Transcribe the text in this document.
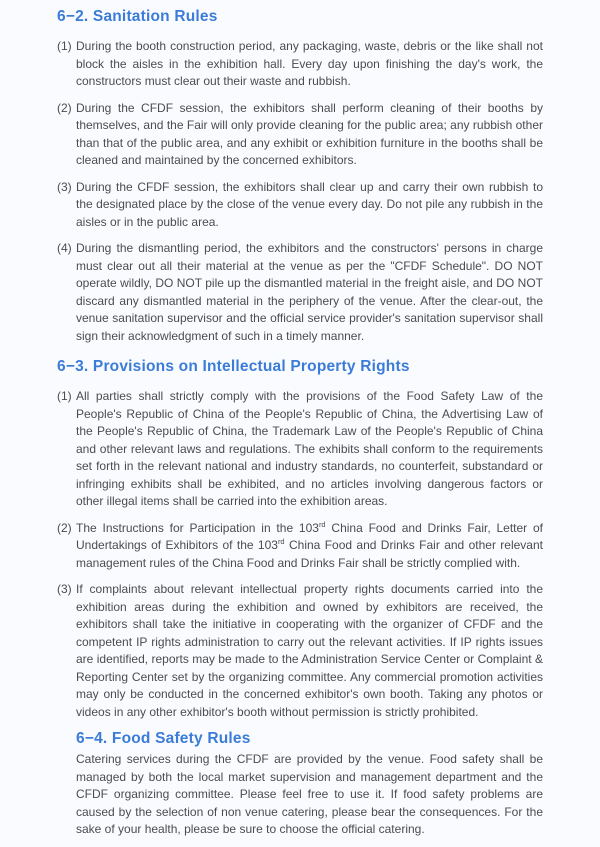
6−2. Sanitation Rules
(1) During the booth construction period, any packaging, waste, debris or the like shall not block the aisles in the exhibition hall. Every day upon finishing the day's work, the constructors must clear out their waste and rubbish.
(2) During the CFDF session, the exhibitors shall perform cleaning of their booths by themselves, and the Fair will only provide cleaning for the public area; any rubbish other than that of the public area, and any exhibit or exhibition furniture in the booths shall be cleaned and maintained by the concerned exhibitors.
(3) During the CFDF session, the exhibitors shall clear up and carry their own rubbish to the designated place by the close of the venue every day. Do not pile any rubbish in the aisles or in the public area.
(4) During the dismantling period, the exhibitors and the constructors' persons in charge must clear out all their material at the venue as per the "CFDF Schedule". DO NOT operate wildly, DO NOT pile up the dismantled material in the freight aisle, and DO NOT discard any dismantled material in the periphery of the venue. After the clear-out, the venue sanitation supervisor and the official service provider's sanitation supervisor shall sign their acknowledgment of such in a timely manner.
6−3. Provisions on Intellectual Property Rights
(1) All parties shall strictly comply with the provisions of the Food Safety Law of the People's Republic of China of the People's Republic of China, the Advertising Law of the People's Republic of China, the Trademark Law of the People's Republic of China and other relevant laws and regulations. The exhibits shall conform to the requirements set forth in the relevant national and industry standards, no counterfeit, substandard or infringing exhibits shall be exhibited, and no articles involving dangerous factors or other illegal items shall be carried into the exhibition areas.
(2) The Instructions for Participation in the 103rd China Food and Drinks Fair, Letter of Undertakings of Exhibitors of the 103rd China Food and Drinks Fair and other relevant management rules of the China Food and Drinks Fair shall be strictly complied with.
(3) If complaints about relevant intellectual property rights documents carried into the exhibition areas during the exhibition and owned by exhibitors are received, the exhibitors shall take the initiative in cooperating with the organizer of CFDF and the competent IP rights administration to carry out the relevant activities. If IP rights issues are identified, reports may be made to the Administration Service Center or Complaint & Reporting Center set by the organizing committee. Any commercial promotion activities may only be conducted in the concerned exhibitor's own booth. Taking any photos or videos in any other exhibitor's booth without permission is strictly prohibited.
6−4. Food Safety Rules

Catering services during the CFDF are provided by the venue. Food safety shall be managed by both the local market supervision and management department and the CFDF organizing committee. Please feel free to use it. If food safety problems are caused by the selection of non venue catering, please bear the consequences. For the sake of your health, please be sure to choose the official catering.
